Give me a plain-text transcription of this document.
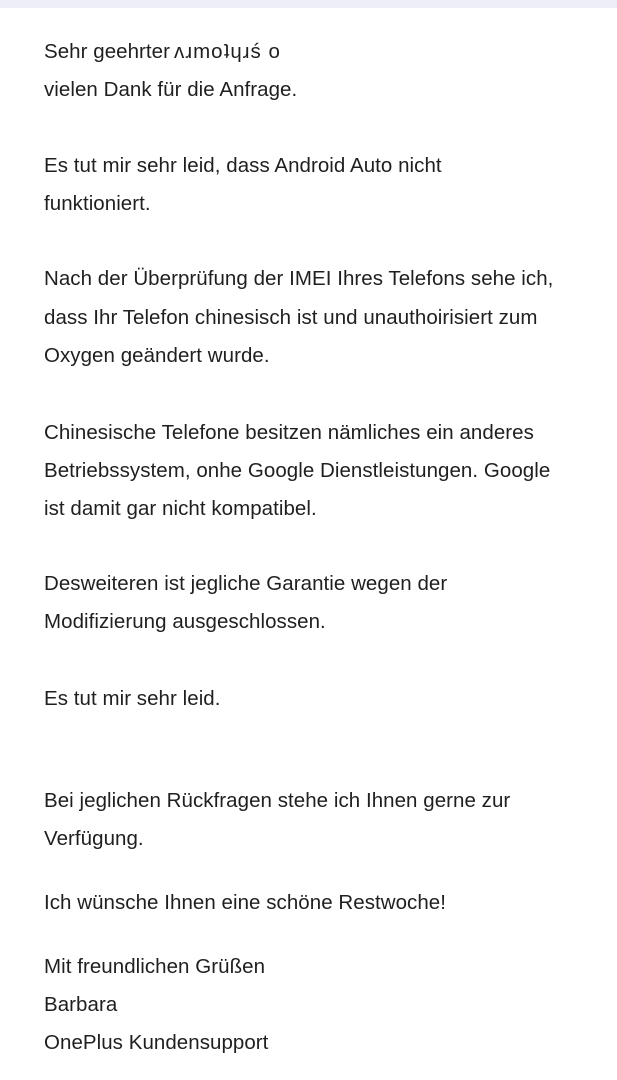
Sehr geehrter ʌɹmoʇɥɹś o

vielen Dank für die Anfrage.

Es tut mir sehr leid, dass Android Auto nicht

funktioniert.

Nach der Überprüfung der IMEI Ihres Telefons sehe ich,

dass Ihr Telefon chinesisch ist und unauthoirisiert zum

Oxygen geändert wurde.

Chinesische Telefone besitzen nämliches ein anderes

Betriebssystem, onhe Google Dienstleistungen. Google

ist damit gar nicht kompatibel.

Desweiteren ist jegliche Garantie wegen der

Modifizierung ausgeschlossen.

Es tut mir sehr leid.

Bei jeglichen Rückfragen stehe ich Ihnen gerne zur

Verfügung.

Ich wünsche Ihnen eine schöne Restwoche!

Mit freundlichen Grüßen

Barbara

OnePlus Kundensupport
